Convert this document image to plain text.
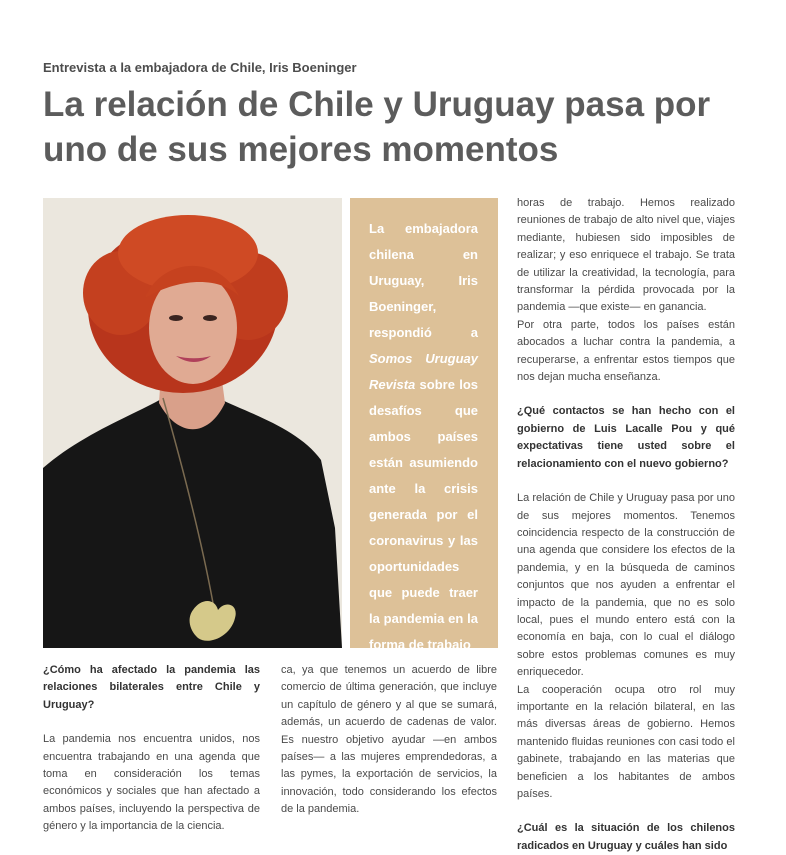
Entrevista a la embajadora de Chile, Iris Boeninger

La relación de Chile y Uruguay pasa por uno de sus mejores momentos

La embajadora chilena en Uruguay, Iris Boeninger, respondió a Somos Uruguay Revista sobre los desafíos que ambos países están asumiendo ante la crisis generada por el coronavirus y las oportunidades que puede traer la pandemia en la forma de trabajo

¿Cómo ha afectado la pandemia las relaciones bilaterales entre Chile y Uruguay?

La pandemia nos encuentra unidos, nos encuentra trabajando en una agenda que toma en consideración los temas económicos y sociales que han afectado a ambos países, incluyendo la perspectiva de género y la importancia de la ciencia.

ca, ya que tenemos un acuerdo de libre comercio de última generación, que incluye un capítulo de género y al que se sumará, además, un acuerdo de cadenas de valor. Es nuestro objetivo ayudar —en ambos países— a las mujeres emprendedoras, a las pymes, la exportación de servicios, la innovación, todo considerando los efectos de la pandemia.

horas de trabajo. Hemos realizado reuniones de trabajo de alto nivel que, viajes mediante, hubiesen sido imposibles de realizar; y eso enriquece el trabajo. Se trata de utilizar la creatividad, la tecnología, para transformar la pérdida provocada por la pandemia —que existe— en ganancia.

Por otra parte, todos los países están abocados a luchar contra la pandemia, a recuperarse, a enfrentar estos tiempos que nos dejan mucha enseñanza.

¿Qué contactos se han hecho con el gobierno de Luis Lacalle Pou y qué expectativas tiene usted sobre el relacionamiento con el nuevo gobierno?

La relación de Chile y Uruguay pasa por uno de sus mejores momentos. Tenemos coincidencia respecto de la construcción de una agenda que considere los efectos de la pandemia, y en la búsqueda de caminos conjuntos que nos ayuden a enfrentar el impacto de la pandemia, que no es solo local, pues el mundo entero está con la economía en baja, con lo cual el diálogo sobre estos problemas comunes es muy enriquecedor.

La cooperación ocupa otro rol muy importante en la relación bilateral, en las más diversas áreas de gobierno. Hemos mantenido fluidas reuniones con casi todo el gabinete, trabajando en las materias que beneficien a los habitantes de ambos países.

¿Cuál es la situación de los chilenos radicados en Uruguay y cuáles han sido
